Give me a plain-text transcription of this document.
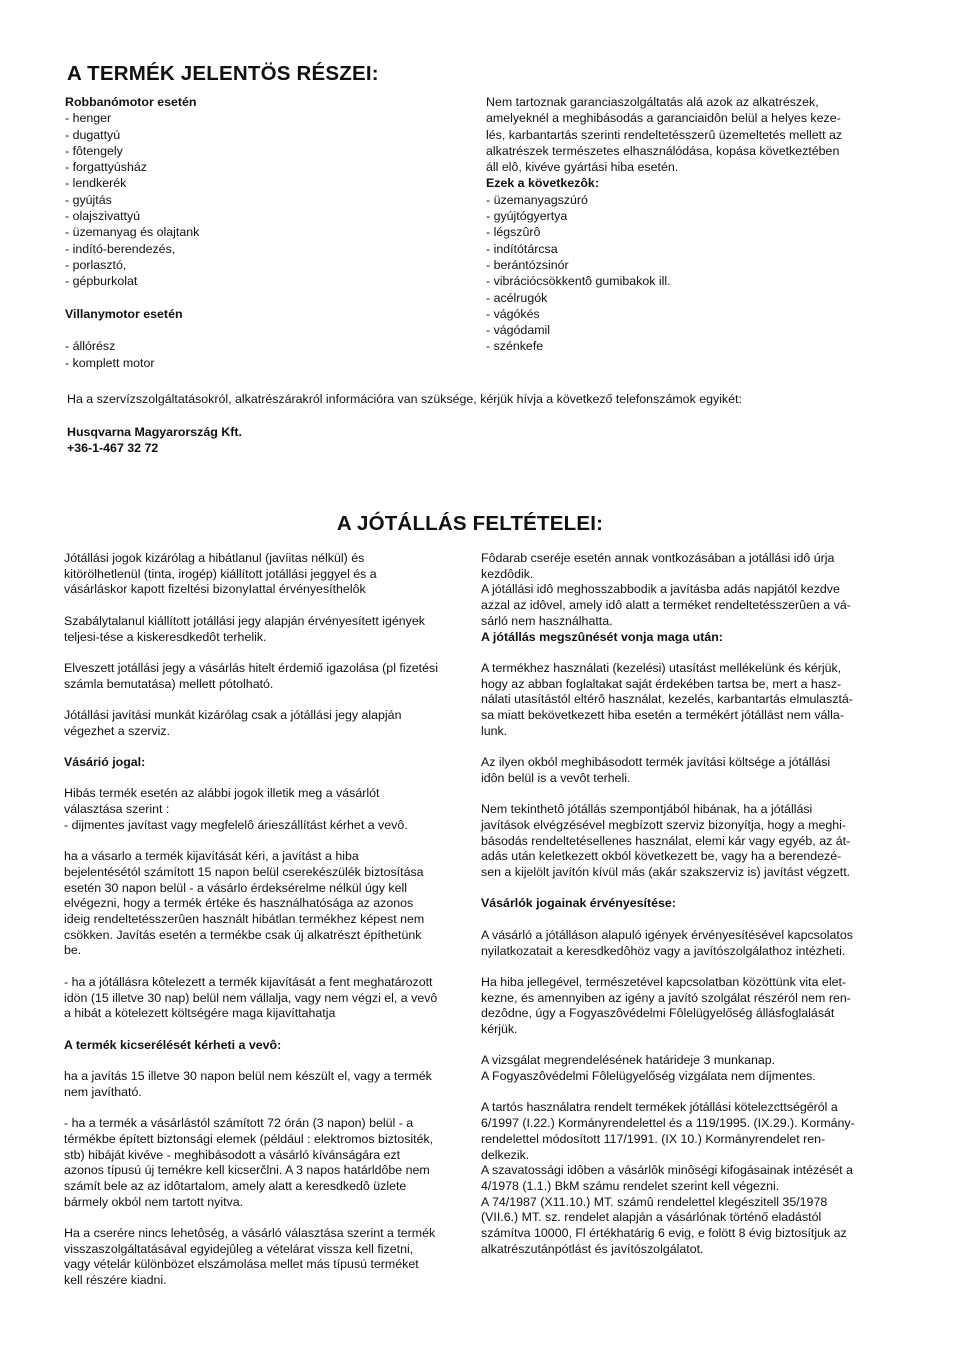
A TERMÉK JELENTÖS RÉSZEI:

Robbanómotor esetén

- henger

- dugattyú

- fôtengely

- forgattyúsház

- lendkerék

- gyújtás

- olajszivattyú

- üzemanyag és olajtank

- indító-berendezés,

- porlasztó,

- gépburkolat

Villanymotor esetén

- állórész

- komplett motor

Nem tartoznak garanciaszolgáltatás alá azok az alkatrészek,

amelyeknél a meghibásodás a garanciaidôn belül a helyes keze-

lés, karbantartás szerinti rendeltetésszerû üzemeltetés mellett az

alkatrészek természetes elhasználódása, kopása következtében

áll elô, kivéve gyártási hiba esetén.

Ezek a következôk:

- üzemanyagszúró

- gyújtógyertya

- légszûrô

- indítótárcsa

- berántózsinór

- vibrációcsökkentô gumibakok ill.

- acélrugók

- vágókés

- vágódamil

- szénkefe

Ha a szervízszolgáltatásokról, alkatrészárakról információra van szüksége, kérjük hívja a következő telefonszámok egyikét:

Husqvarna Magyarország Kft.

+36-1-467 32 72

A JÓTÁLLÁS FELTÉTELEI:

Jótállási jogok kizárólag a hibátlanul (javíitas nélkül) és

kitörölhetlenül (tinta, irogép) kiállított jotállási jeggyel és a

vásárláskor kapott fizeltési bizonyIattal érvényesíthelôk

Szabálytalanul kiállított jotállási jegy alapján érvényesített igények

teljesi-tése a kiskeresdkedôt terhelik.

Elveszett jotállási jegy a vásárlás hitelt érdemiő igazolása (pl fizetési

számla bemutatása) mellett pótolható.

Jótállási javítási munkát kizárólag csak a jótállási jegy alapján

végezhet a szerviz.

Vásárió jogal:

Hibás termék esetén az alábbi jogok illetik meg a vásárlót

választása szerint :

- dijmentes javítast vagy megfelelô árieszállítást kérhet a vevô.

ha a vásarlo a termék kijavítását kéri, a javítást a hiba

bejelentésétól számított 15 napon belül cserekészülék biztosítása

esetén 30 napon belül - a vásárlo érdeksérelme nélkül úgy kell

elvégezni, hogy a termék értéke és használhatósága az azonos

ideig rendeltetésszerûen használt hibátlan termékhez képest nem

csökken. Javítás esetén a termékbe csak új alkatrészt építhetünk

be.

- ha a jótállásra kôtelezett a termék kijavítását a fent meghatározott

idön (15 illetve 30 nap) belül nem vállalja, vagy nem végzi el, a vevô

a hibát a kötelezett költségére maga kijavíttahatja

A termék kicserélését kérheti a vevô:

ha a javítás 15 illetve 30 napon belül nem készült el, vagy a termék

nem javítható.

- ha a termék a vásárlástól számított 72 órán (3 napon) belül - a

térmékbe épített biztonsági elemek (például : elektromos biztositék,

stb) hibáját kivéve - meghibásodott a vásárló kívánságára ezt

azonos típusú új temékre kell kicserčlni. A 3 napos határldôbe nem

számít bele az az idôtartalom, amely alatt a keresdkedô üzlete

bármely okból nem tartott nyitva.

Ha a cserére nincs lehetôség, a vásárló választása szerint a termék

visszaszolgáltatásával egyidejûleg a vételárat vissza kell fizetni,

vagy vételár különbözet elszámolása mellet más típusú terméket

kell részére kiadni.

Fôdarab cseréje esetén annak vontkozásában a jotállási idô úrja

kezdôdik.

A jótállási idô meghosszabbodik a javításba adás napjától kezdve

azzal az idôvel, amely idô alatt a terméket rendeltetésszerûen a vá-

sárló nem használhatta.

A jótállás megszûnését vonja maga után:

A termékhez használati (kezelési) utasítást mellékelünk és kérjük,

hogy az abban foglaltakat saját érdekében tartsa be, mert a hasz-

nálati utasítástól eltérô használat, kezelés, karbantartás elmulasztá-

sa miatt bekövetkezett hiba esetén a termékért jótállást nem válla-

lunk.

Az ilyen okból meghibásodott termék javítási költsége a jótállási

idôn belül is a vevôt terheli.

Nem tekinthetô jótállás szempontjából hibának, ha a jótállási

javítások elvégzésével megbízott szerviz bizonyítja, hogy a meghi-

básodás rendeltetésellenes használat, elemi kár vagy egyéb, az át-

adás után keletkezett okból következett be, vagy ha a berendezé-

sen a kijelölt javítón kívül más (akár szakszerviz is) javítást végzett.

Vásárlók jogainak érvényesítése:

A vásárló a jótálláson alapuló igények érvényesítésével kapcsolatos

nyilatkozatait a keresdkedôhöz vagy a javítószolgálathoz intézheti.

Ha hiba jellegével, természetével kapcsolatban közöttünk vita elet-

kezne, és amennyiben az igény a javító szolgálat részéról nem ren-

dezôdne, úgy a Fogyaszôvédelmi Fôlelügyelőség állásfoglalását

kérjük.

A vizsgálat megrendelésének határideje 3 munkanap.

A Fogyaszôvédelmi Fôlelügyelőség vizgálata nem díjmentes.

A tartós használatra rendelt termékek jótállási kötelezcttségéról a

6/1997 (I.22.) Kormányrendelettel és a 119/1995. (IX.29.). Kormány-

rendelettel módosított 117/1991. (IX 10.) Kormányrendelet ren-

delkezik.

A szavatossági idôben a vásárlôk minôségi kifogásainak intézését a

4/1978 (1.1.) BkM számu rendelet szerint kell végezni.

A 74/1987 (X11.10.) MT. számû rendelettel klegészitell 35/1978

(VII.6.) MT. sz. rendelet alapján a vásárlónak történő eladástól

számítva 10000, Fl értékhatárig 6 evig, e folött 8 évig biztosítjuk az

alkatrészutánpótlást és javítószolgálatot.
